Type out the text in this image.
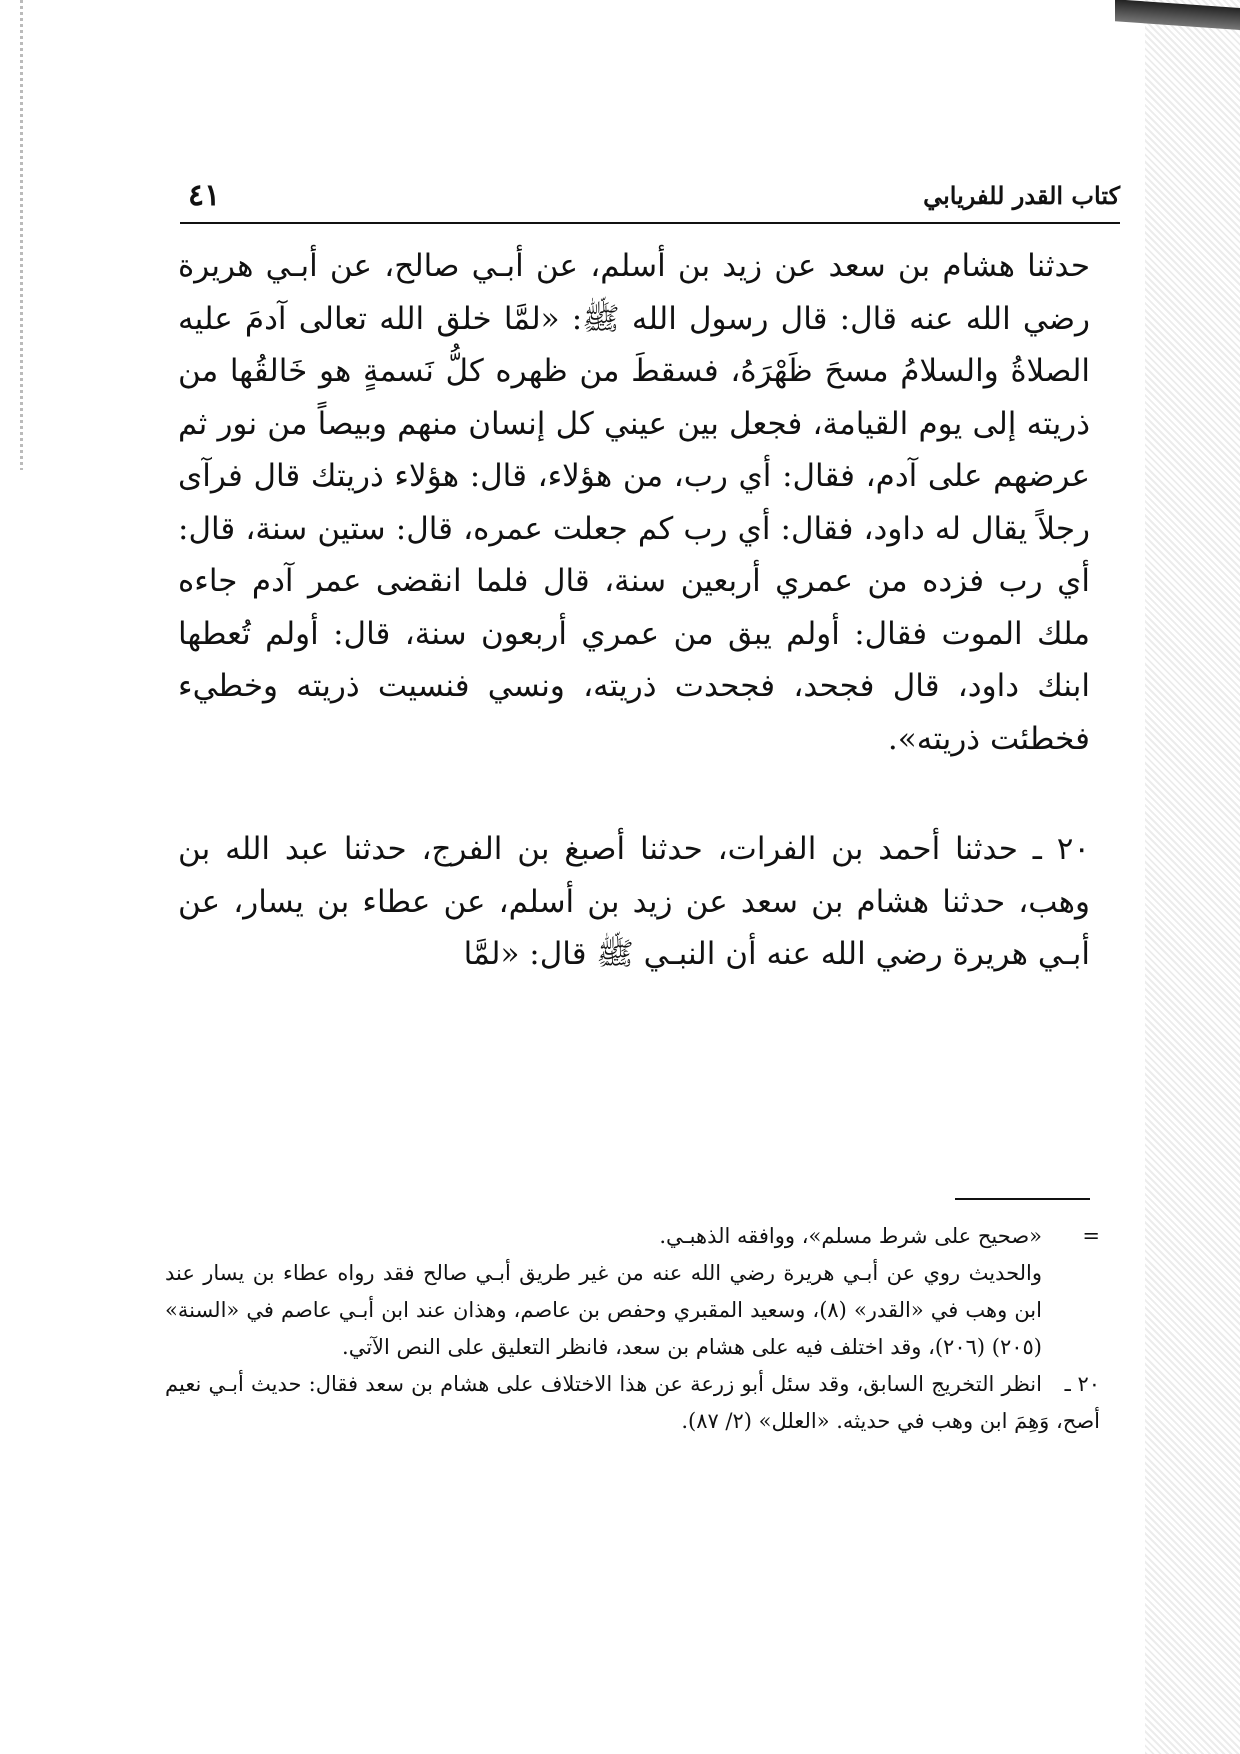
٤١	كتاب القدر للفريابي

حدثنا هشام بن سعد عن زيد بن أسلم، عن أبـي صالح، عن أبـي هريرة رضي الله عنه قال: قال رسول الله ﷺ: «لمَّا خلق الله تعالى آدمَ عليه الصلاةُ والسلامُ مسحَ ظَهْرَهُ، فسقطَ من ظهره كلُّ نَسمةٍ هو خَالقُها من ذريته إلى يوم القيامة، فجعل بين عيني كل إنسان منهم وبيصاً من نور ثم عرضهم على آدم، فقال: أي رب، من هؤلاء، قال: هؤلاء ذريتك قال فرآى رجلاً يقال له داود، فقال: أي رب كم جعلت عمره، قال: ستين سنة، قال: أي رب فزده من عمري أربعين سنة، قال فلما انقضى عمر آدم جاءه ملك الموت فقال: أولم يبق من عمري أربعون سنة، قال: أولم تُعطها ابنك داود، قال فجحد، فجحدت ذريته، ونسي فنسيت ذريته وخطيء فخطئت ذريته».

٢٠ ـ حدثنا أحمد بن الفرات، حدثنا أصبغ بن الفرج، حدثنا عبد الله بن وهب، حدثنا هشام بن سعد عن زيد بن أسلم، عن عطاء بن يسار، عن أبـي هريرة رضي الله عنه أن النبـي ﷺ قال: «لمَّا

=«صحيح على شرط مسلم»، ووافقه الذهبـي.

والحديث روي عن أبـي هريرة رضي الله عنه من غير طريق أبـي صالح فقد رواه عطاء بن يسار عند ابن وهب في «القدر» (٨)، وسعيد المقبري وحفص بن عاصم، وهذان عند ابن أبـي عاصم في «السنة» (٢٠٥) (٢٠٦)، وقد اختلف فيه على هشام بن سعد، فانظر التعليق على النص الآتي.

٢٠ ـانظر التخريج السابق، وقد سئل أبو زرعة عن هذا الاختلاف على هشام بن سعد فقال: حديث أبـي نعيم أصح، وَهِمَ ابن وهب في حديثه. «العلل» (٢/ ٨٧).
